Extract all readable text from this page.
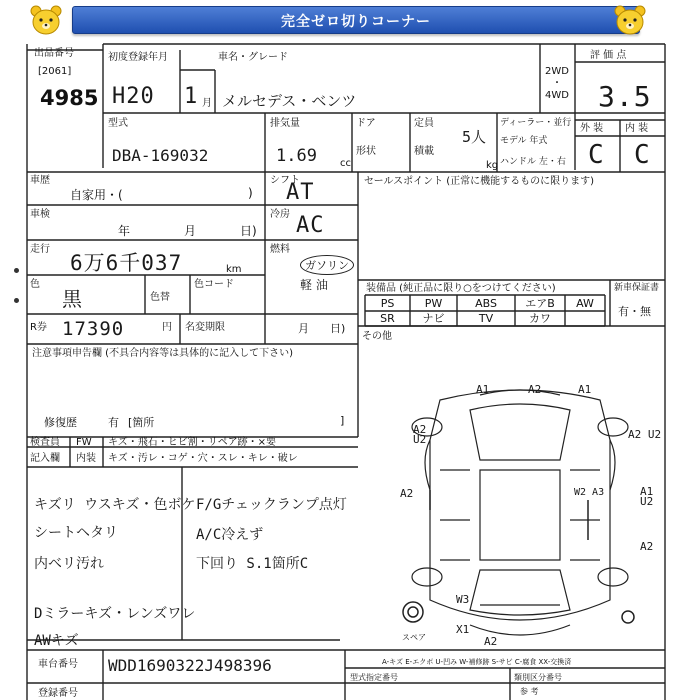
完全ゼロ切りコーナー
出品番号
[2061]
4985
初度登録年月
H20 1 月
車名・グレード
メルセデス・ベンツ
2WD
・
4WD
評 価 点
3.5
型式
DBA-169032
排気量
1.69 cc
ドア
形状
定員
5人
積載
kg
ディーラー・並行
モデル 年式
ハンドル 左・右
外 装 内 装
C C
車歴
自家用・(	)
車検
年	月	日)
走行
6万6千037	km
色
黒	色替
色コード
R券 17390	円 名変期限	月 日)
シフト
AT
冷房 AC
燃料
ガソリン
軽 油
セールスポイント (正常に機能するものに限ります)
装備品 (純正品に限り○をつけてください)	新車保証書
有・無
PS	PW	ABS	エアB	AW
SR	ナビ	TV	カワ
その他
注意事項申告欄 (不具合内容等は具体的に記入して下さい)
修復歴	有 [箇所	]
検査員
記入欄
FW キズ・飛石・ヒビ割・リペア跡・×要
内装 キズ・汚レ・コゲ・穴・スレ・キレ・破レ
キズリ ウスキズ・色ボケ
シートヘタリ
内ベリ汚れ
Dミラーキズ・レンズワレ
AWキズ
F/Gチェックランプ点灯
A/C冷えず
下回り S.1箇所C
A1	A2	A1
A2 U2	A2 U2
A2	W2 A3	A1 U2
A2
W3
A2
X1
スペア
A-キズ E-エクボ U-凹み W-補修跡 S-サビ C-腐食 XX-交換済
車台番号 WDD1690322J498396
登録番号
型式指定番号	類別区分番号
参 考
